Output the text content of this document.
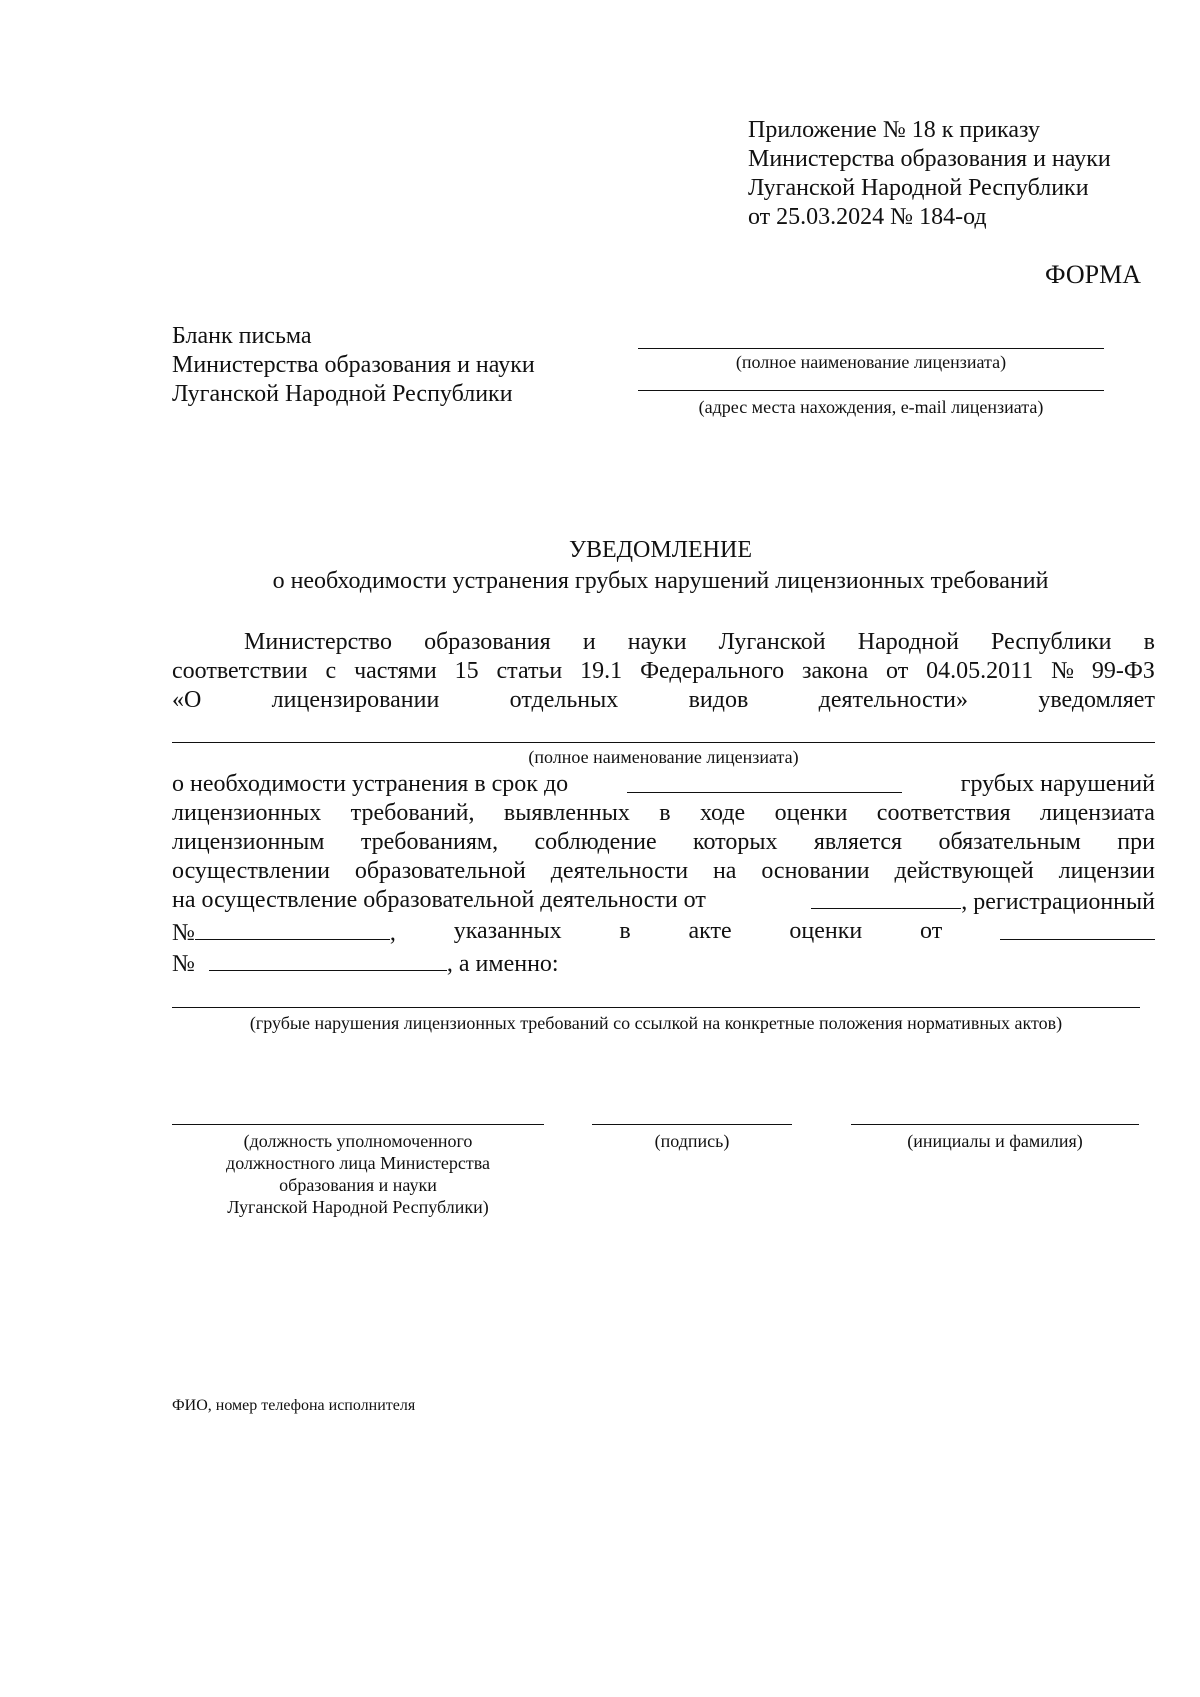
Приложение № 18 к приказу
Министерства образования и науки
Луганской Народной Республики
от 25.03.2024 № 184-од
ФОРМА
Бланк письма
Министерства образования и науки
Луганской Народной Республики
(полное наименование лицензиата)
(адрес места нахождения, e-mail лицензиата)
УВЕДОМЛЕНИЕ
о необходимости устранения грубых нарушений лицензионных требований
Министерство образования и науки Луганской Народной Республики в
соответствии с частями 15 статьи 19.1 Федерального закона от 04.05.2011 № 99-ФЗ
«О	лицензировании	отдельных	видов	деятельности»	уведомляет
(полное наименование лицензиата)
о необходимости устранения в срок до	грубых нарушений
лицензионных требований, выявленных в ходе оценки соответствия лицензиата
лицензионным требованиям, соблюдение которых является обязательным при
осуществлении образовательной деятельности на основании действующей лицензии
на осуществление образовательной деятельности от	, регистрационный
№	, указанных в акте оценки от
№	, а именно:
(грубые нарушения лицензионных требований со ссылкой на конкретные положения нормативных актов)
(должность уполномоченного
должностного лица Министерства
образования и науки
Луганской Народной Республики)
(подпись)	(инициалы и фамилия)
ФИО, номер телефона исполнителя
